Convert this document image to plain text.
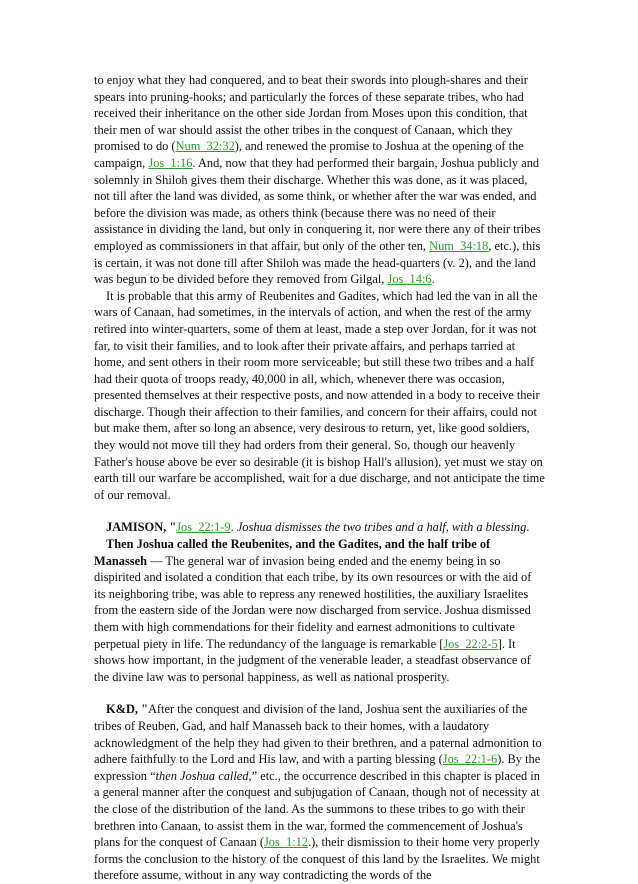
to enjoy what they had conquered, and to beat their swords into plough-shares and their spears into pruning-hooks; and particularly the forces of these separate tribes, who had received their inheritance on the other side Jordan from Moses upon this condition, that their men of war should assist the other tribes in the conquest of Canaan, which they promised to do (Num_32:32), and renewed the promise to Joshua at the opening of the campaign, Jos_1:16. And, now that they had performed their bargain, Joshua publicly and solemnly in Shiloh gives them their discharge. Whether this was done, as it was placed, not till after the land was divided, as some think, or whether after the war was ended, and before the division was made, as others think (because there was no need of their assistance in dividing the land, but only in conquering it, nor were there any of their tribes employed as commissioners in that affair, but only of the other ten, Num_34:18, etc.), this is certain, it was not done till after Shiloh was made the head-quarters (v. 2), and the land was begun to be divided before they removed from Gilgal, Jos_14:6.

It is probable that this army of Reubenites and Gadites, which had led the van in all the wars of Canaan, had sometimes, in the intervals of action, and when the rest of the army retired into winter-quarters, some of them at least, made a step over Jordan, for it was not far, to visit their families, and to look after their private affairs, and perhaps tarried at home, and sent others in their room more serviceable; but still these two tribes and a half had their quota of troops ready, 40,000 in all, which, whenever there was occasion, presented themselves at their respective posts, and now attended in a body to receive their discharge. Though their affection to their families, and concern for their affairs, could not but make them, after so long an absence, very desirous to return, yet, like good soldiers, they would not move till they had orders from their general. So, though our heavenly Father's house above be ever so desirable (it is bishop Hall's allusion), yet must we stay on earth till our warfare be accomplished, wait for a due discharge, and not anticipate the time of our removal.

JAMISON, "Jos_22:1-9. Joshua dismisses the two tribes and a half, with a blessing.

Then Joshua called the Reubenites, and the Gadites, and the half tribe of Manasseh — The general war of invasion being ended and the enemy being in so dispirited and isolated a condition that each tribe, by its own resources or with the aid of its neighboring tribe, was able to repress any renewed hostilities, the auxiliary Israelites from the eastern side of the Jordan were now discharged from service. Joshua dismissed them with high commendations for their fidelity and earnest admonitions to cultivate perpetual piety in life. The redundancy of the language is remarkable [Jos_22:2-5]. It shows how important, in the judgment of the venerable leader, a steadfast observance of the divine law was to personal happiness, as well as national prosperity.

K&D, "After the conquest and division of the land, Joshua sent the auxiliaries of the tribes of Reuben, Gad, and half Manasseh back to their homes, with a laudatory acknowledgment of the help they had given to their brethren, and a paternal admonition to adhere faithfully to the Lord and His law, and with a parting blessing (Jos_22:1-6). By the expression “then Joshua called,” etc., the occurrence described in this chapter is placed in a general manner after the conquest and subjugation of Canaan, though not of necessity at the close of the distribution of the land. As the summons to these tribes to go with their brethren into Canaan, to assist them in the war, formed the commencement of Joshua's plans for the conquest of Canaan (Jos_1:12.), their dismission to their home very properly forms the conclusion to the history of the conquest of this land by the Israelites. We might therefore assume, without in any way contradicting the words of the
